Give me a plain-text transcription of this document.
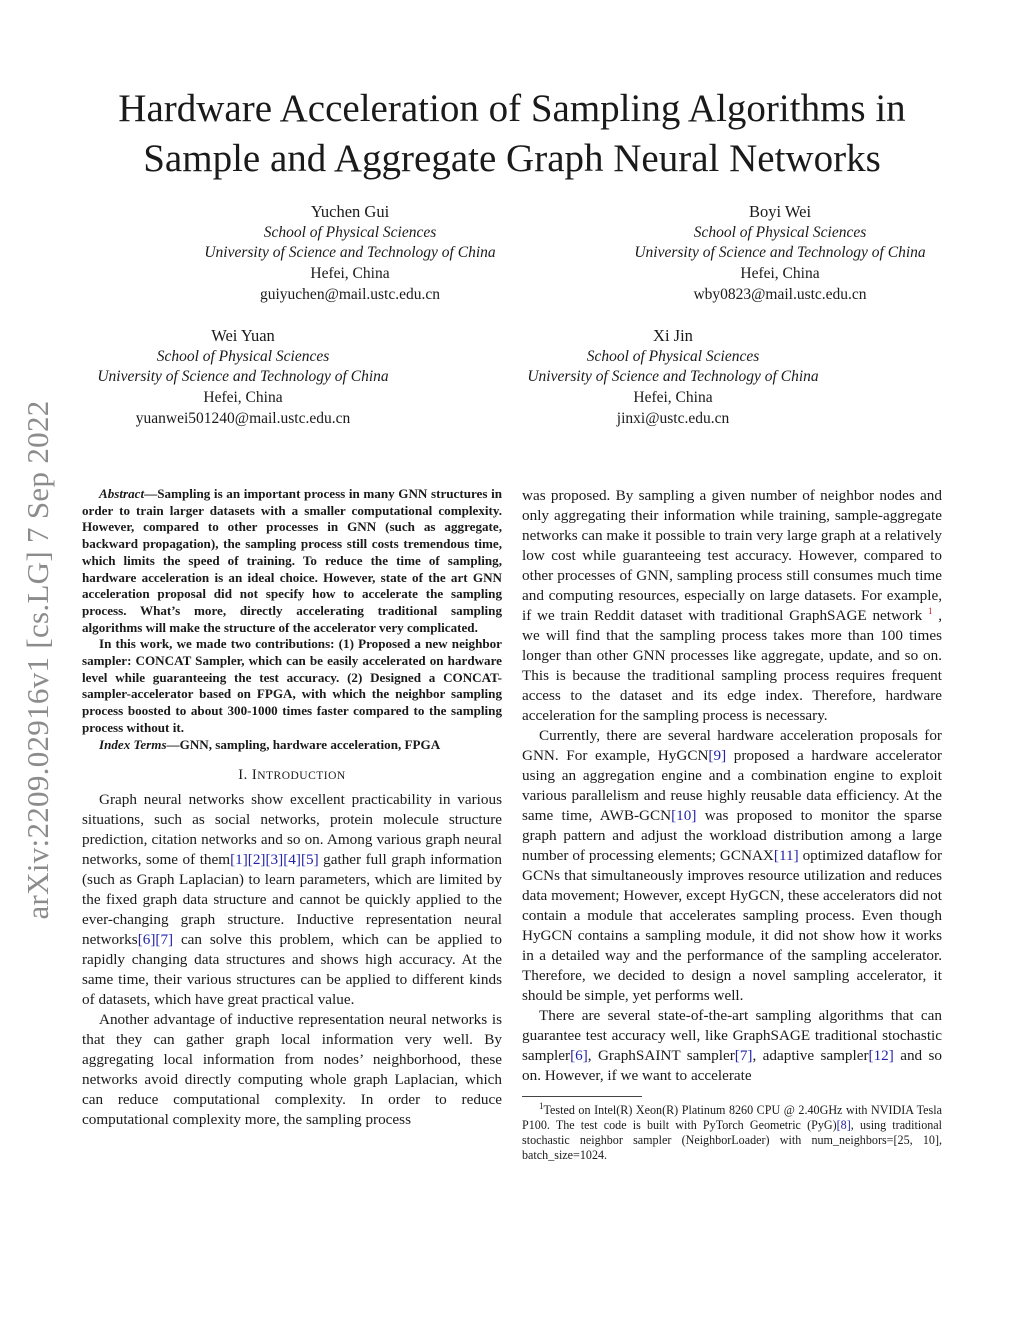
Hardware Acceleration of Sampling Algorithms in
Sample and Aggregate Graph Neural Networks
Yuchen Gui
School of Physical Sciences
University of Science and Technology of China
Hefei, China
guiyuchen@mail.ustc.edu.cn
Boyi Wei
School of Physical Sciences
University of Science and Technology of China
Hefei, China
wby0823@mail.ustc.edu.cn
Wei Yuan
School of Physical Sciences
University of Science and Technology of China
Hefei, China
yuanwei501240@mail.ustc.edu.cn
Xi Jin
School of Physical Sciences
University of Science and Technology of China
Hefei, China
jinxi@ustc.edu.cn
arXiv:2209.02916v1 [cs.LG] 7 Sep 2022	Abstract—Sampling is an important process in many GNN structures in order to train larger datasets with a smaller computational complexity. However, compared to other processes in GNN (such as aggregate, backward propagation), the sampling process still costs tremendous time, which limits the speed of training. To reduce the time of sampling, hardware acceleration is an ideal choice. However, state of the art GNN acceleration proposal did not specify how to accelerate the sampling process. What’s more, directly accelerating traditional sampling algorithms will make the structure of the accelerator very complicated.

In this work, we made two contributions: (1) Proposed a new neighbor sampler: CONCAT Sampler, which can be easily accelerated on hardware level while guaranteeing the test accuracy. (2) Designed a CONCAT-sampler-accelerator based on FPGA, with which the neighbor sampling process boosted to about 300-1000 times faster compared to the sampling process without it.

Index Terms—GNN, sampling, hardware acceleration, FPGA

I. INTRODUCTION

Graph neural networks show excellent practicability in various situations, such as social networks, protein molecule structure prediction, citation networks and so on. Among various graph neural networks, some of them[1][2][3][4][5] gather full graph information (such as Graph Laplacian) to learn parameters, which are limited by the fixed graph data structure and cannot be quickly applied to the ever-changing graph structure. Inductive representation neural networks[6][7] can solve this problem, which can be applied to rapidly changing data structures and shows high accuracy. At the same time, their various structures can be applied to different kinds of datasets, which have great practical value.

Another advantage of inductive representation neural networks is that they can gather graph local information very well. By aggregating local information from nodes’ neighborhood, these networks avoid directly computing whole graph Laplacian, which can reduce computational complexity. In order to reduce computational complexity more, the sampling process

was proposed. By sampling a given number of neighbor nodes and only aggregating their information while training, sample-aggregate networks can make it possible to train very large graph at a relatively low cost while guaranteeing test accuracy. However, compared to other processes of GNN, sampling process still consumes much time and computing resources, especially on large datasets. For example, if we train Reddit dataset with traditional GraphSAGE network $^1$ , we will find that the sampling process takes more than 100 times longer than other GNN processes like aggregate, update, and so on. This is because the traditional sampling process requires frequent access to the dataset and its edge index. Therefore, hardware acceleration for the sampling process is necessary.

Currently, there are several hardware acceleration proposals for GNN. For example, HyGCN[9] proposed a hardware accelerator using an aggregation engine and a combination engine to exploit various parallelism and reuse highly reusable data efficiency. At the same time, AWB-GCN[10] was proposed to monitor the sparse graph pattern and adjust the workload distribution among a large number of processing elements; GCNAX[11] optimized dataflow for GCNs that simultaneously improves resource utilization and reduces data movement; However, except HyGCN, these accelerators did not contain a module that accelerates sampling process. Even though HyGCN contains a sampling module, it did not show how it works in a detailed way and the performance of the sampling accelerator. Therefore, we decided to design a novel sampling accelerator, it should be simple, yet performs well.

There are several state-of-the-art sampling algorithms that can guarantee test accuracy well, like GraphSAGE traditional stochastic sampler[6], GraphSAINT sampler[7], adaptive sampler[12] and so on. However, if we want to accelerate

$^1$Tested on Intel(R) Xeon(R) Platinum 8260 CPU @ 2.40GHz with NVIDIA Tesla P100. The test code is built with PyTorch Geometric (PyG)[8], using traditional stochastic neighbor sampler (NeighborLoader) with num_neighbors=[25, 10], batch_size=1024.
